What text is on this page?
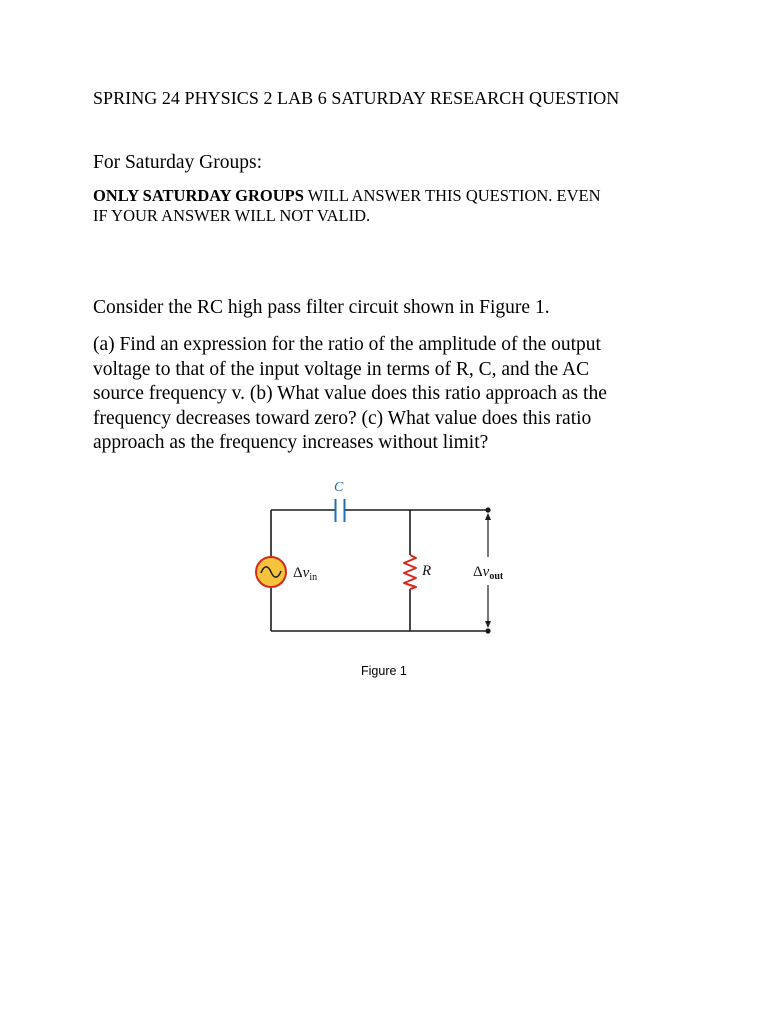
SPRING 24 PHYSICS 2 LAB 6 SATURDAY RESEARCH QUESTION
For Saturday Groups:
ONLY SATURDAY GROUPS WILL ANSWER THIS QUESTION. EVEN
IF YOUR ANSWER WILL NOT VALID.
Consider the RC high pass filter circuit shown in Figure 1.
(a) Find an expression for the ratio of the amplitude of the output
voltage to that of the input voltage in terms of R, C, and the AC
source frequency v. (b) What value does this ratio approach as the
frequency decreases toward zero? (c) What value does this ratio
approach as the frequency increases without limit?
C
$\Delta v_{in}$	R	$\Delta v_{out}$
Figure 1
